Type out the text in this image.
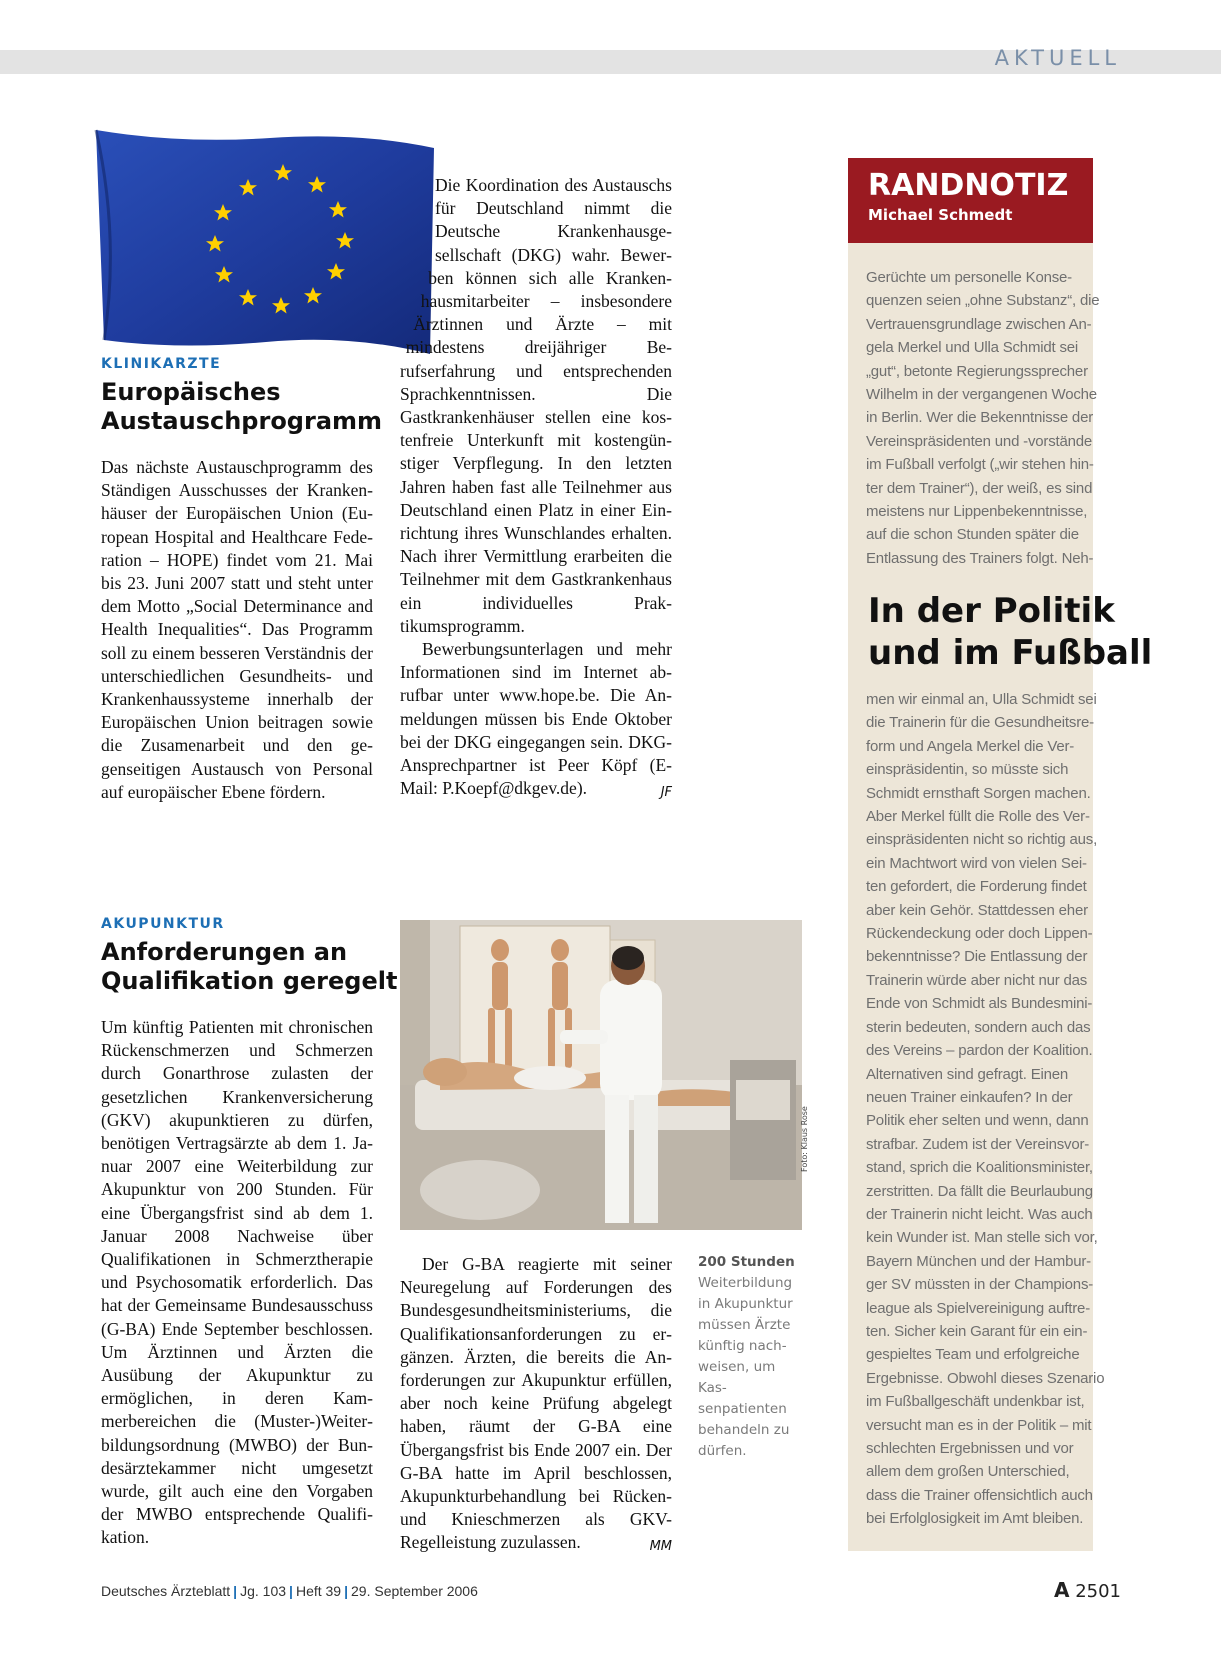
AKTUELL
KLINIKARZTE
Europäisches
Austauschprogramm

Das nächste Austauschprogramm des Ständigen Ausschusses der Krankenhäuser der Europäischen Union (European Hospital and Healthcare Federation – HOPE) findet vom 21. Mai bis 23. Juni 2007 statt und steht unter dem Motto „Social Determinance and Health Inequalities“. Das Programm soll zu einem besseren Verständnis der unterschiedlichen Gesundheits- und Krankenhaussysteme innerhalb der Europäischen Union beitragen sowie die Zusamenarbeit und den gegenseitigen Austausch von Personal auf europäischer Ebene fördern.

Die Koordination des Austauschs für Deutschland nimmt die Deutsche Krankenhausgesellschaft (DKG) wahr. Bewerben können sich alle Krankenhausmitarbeiter – insbesondere Ärztinnen und Ärzte – mit mindestens dreijähriger Berufserfahrung und entsprechenden Sprachkenntnissen. Die Gastkrankenhäuser stellen eine kostenfreie Unterkunft mit kostengünstiger Verpflegung. In den letzten Jahren haben fast alle Teilnehmer aus Deutschland einen Platz in einer Einrichtung ihres Wunschlandes erhalten. Nach ihrer Vermittlung erarbeiten die Teilnehmer mit dem Gastkrankenhaus ein individuelles Praktikumsprogramm.

Bewerbungsunterlagen und mehr Informationen sind im Internet abrufbar unter www.hope.be. Die Anmeldungen müssen bis Ende Oktober bei der DKG eingegangen sein. DKG-Ansprechpartner ist Peer Köpf (E-Mail: P.Koepf@dkgev.de).	JF

AKUPUNKTUR
Anforderungen an
Qualifikation geregelt

Um künftig Patienten mit chronischen Rückenschmerzen und Schmerzen durch Gonarthrose zulasten der gesetzlichen Krankenversicherung (GKV) akupunktieren zu dürfen, benötigen Vertragsärzte ab dem 1. Januar 2007 eine Weiterbildung zur Akupunktur von 200 Stunden. Für eine Übergangsfrist sind ab dem 1. Januar 2008 Nachweise über Qualifikationen in Schmerztherapie und Psychosomatik erforderlich. Das hat der Gemeinsame Bundesausschuss (G-BA) Ende September beschlossen. Um Ärztinnen und Ärzten die Ausübung der Akupunktur zu ermöglichen, in deren Kammerbereichen die (Muster-)Weiterbildungsordnung (MWBO) der Bundesärztekammer nicht umgesetzt wurde, gilt auch eine den Vorgaben der MWBO entsprechende Qualifikation.

Foto: Klaus Rose

Der G-BA reagierte mit seiner Neuregelung auf Forderungen des Bundesgesundheitsministeriums, die Qualifikationsanforderungen zu ergänzen. Ärzten, die bereits die Anforderungen zur Akupunktur erfüllen, aber noch keine Prüfung abgelegt haben, räumt der G-BA eine Übergangsfrist bis Ende 2007 ein. Der G-BA hatte im April beschlossen, Akupunkturbehandlung bei Rücken- und Knieschmerzen als GKV-Regelleistung zuzulassen.	MM

200 Stunden
Weiterbildung in Akupunktur müssen Ärzte künftig nachweisen, um Kassenpatienten behandeln zu dürfen.
RANDNOTIZ
Michael Schmedt
Gerüchte um personelle Konse-
quenzen seien „ohne Substanz“, die
Vertrauensgrundlage zwischen An-
gela Merkel und Ulla Schmidt sei
„gut“, betonte Regierungssprecher
Wilhelm in der vergangenen Woche
in Berlin. Wer die Bekenntnisse der
Vereinspräsidenten und -vorstände
im Fußball verfolgt („wir stehen hin-
ter dem Trainer“), der weiß, es sind
meistens nur Lippenbekenntnisse,
auf die schon Stunden später die
Entlassung des Trainers folgt. Neh-
In der Politik
und im Fußball
men wir einmal an, Ulla Schmidt sei
die Trainerin für die Gesundheitsre-
form und Angela Merkel die Ver-
einspräsidentin, so müsste sich
Schmidt ernsthaft Sorgen machen.
Aber Merkel füllt die Rolle des Ver-
einspräsidenten nicht so richtig aus,
ein Machtwort wird von vielen Sei-
ten gefordert, die Forderung findet
aber kein Gehör. Stattdessen eher
Rückendeckung oder doch Lippen-
bekenntnisse? Die Entlassung der
Trainerin würde aber nicht nur das
Ende von Schmidt als Bundesmini-
sterin bedeuten, sondern auch das
des Vereins – pardon der Koalition.
Alternativen sind gefragt. Einen
neuen Trainer einkaufen? In der
Politik eher selten und wenn, dann
strafbar. Zudem ist der Vereinsvor-
stand, sprich die Koalitionsminister,
zerstritten. Da fällt die Beurlaubung
der Trainerin nicht leicht. Was auch
kein Wunder ist. Man stelle sich vor,
Bayern München und der Hambur-
ger SV müssten in der Champions-
league als Spielvereinigung auftre-
ten. Sicher kein Garant für ein ein-
gespieltes Team und erfolgreiche
Ergebnisse. Obwohl dieses Szenario
im Fußballgeschäft undenkbar ist,
versucht man es in der Politik – mit
schlechten Ergebnissen und vor
allem dem großen Unterschied,
dass die Trainer offensichtlich auch
bei Erfolglosigkeit im Amt bleiben.
Deutsches Ärzteblatt | Jg. 103 | Heft 39 | 29. September 2006	A 2501
